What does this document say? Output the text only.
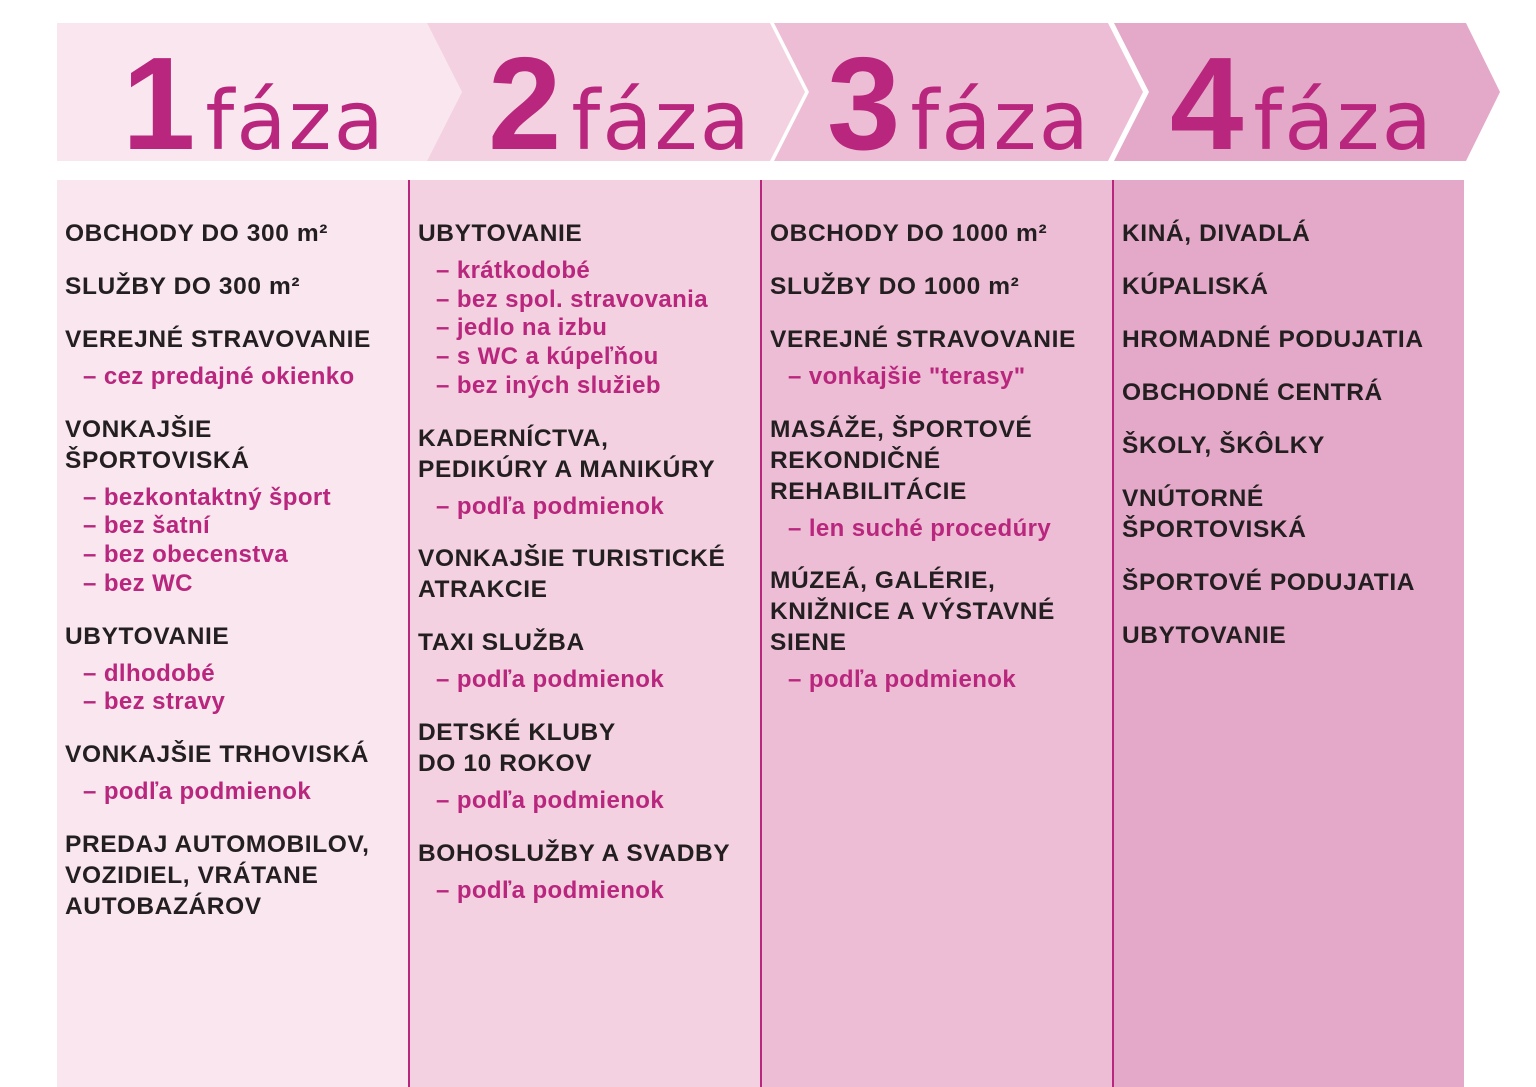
1 fáza 2 fáza 3 fáza 4 fáza
OBCHODY DO 300 m²
SLUŽBY DO 300 m²
VEREJNÉ STRAVOVANIE
– cez predajné okienko
VONKAJŠIE
ŠPORTOVISKÁ
– bezkontaktný šport
– bez šatní
– bez obecenstva
– bez WC
UBYTOVANIE
– dlhodobé
– bez stravy
VONKAJŠIE TRHOVISKÁ
– podľa podmienok
PREDAJ AUTOMOBILOV,
VOZIDIEL, VRÁTANE
AUTOBAZÁROV
UBYTOVANIE
– krátkodobé
– bez spol. stravovania
– jedlo na izbu
– s WC a kúpeľňou
– bez iných služieb
KADERNÍCTVA,
PEDIKÚRY A MANIKÚRY
– podľa podmienok
VONKAJŠIE TURISTICKÉ
ATRAKCIE
TAXI SLUŽBA
– podľa podmienok
DETSKÉ KLUBY
DO 10 ROKOV
– podľa podmienok
BOHOSLUŽBY A SVADBY
– podľa podmienok
OBCHODY DO 1000 m²
SLUŽBY DO 1000 m²
VEREJNÉ STRAVOVANIE
– vonkajšie "terasy"
MASÁŽE, ŠPORTOVÉ
REKONDIČNÉ
REHABILITÁCIE
– len suché procedúry
MÚZEÁ, GALÉRIE,
KNIŽNICE A VÝSTAVNÉ
SIENE
– podľa podmienok
KINÁ, DIVADLÁ
KÚPALISKÁ
HROMADNÉ PODUJATIA
OBCHODNÉ CENTRÁ
ŠKOLY, ŠKÔLKY
VNÚTORNÉ
ŠPORTOVISKÁ
ŠPORTOVÉ PODUJATIA
UBYTOVANIE
